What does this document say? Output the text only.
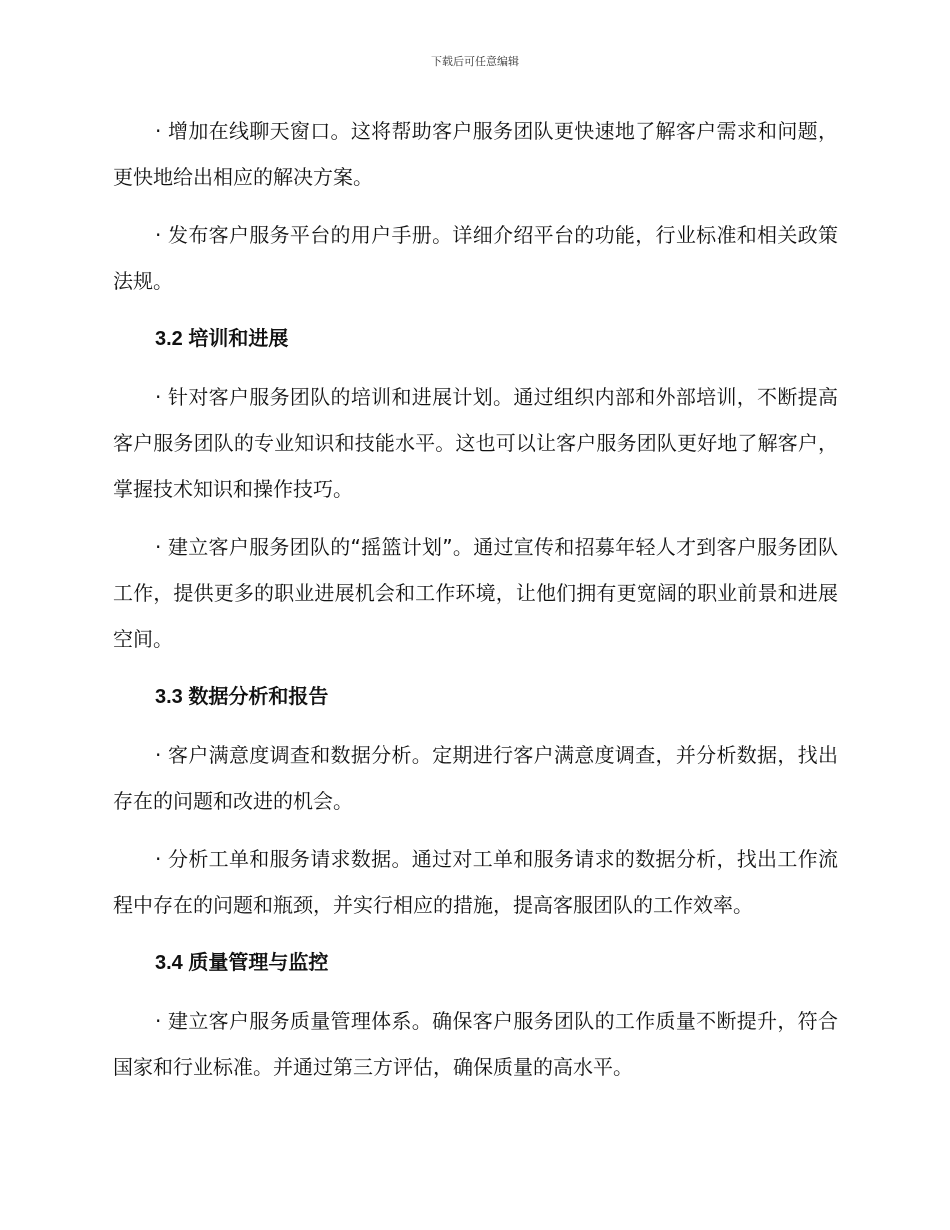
下载后可任意编辑

· 增加在线聊天窗口。这将帮助客户服务团队更快速地了解客户需求和问题，更快地给出相应的解决方案。

· 发布客户服务平台的用户手册。详细介绍平台的功能，行业标准和相关政策法规。

3.2 培训和进展

· 针对客户服务团队的培训和进展计划。通过组织内部和外部培训，不断提高客户服务团队的专业知识和技能水平。这也可以让客户服务团队更好地了解客户，掌握技术知识和操作技巧。

· 建立客户服务团队的“摇篮计划”。通过宣传和招募年轻人才到客户服务团队工作，提供更多的职业进展机会和工作环境，让他们拥有更宽阔的职业前景和进展空间。

3.3 数据分析和报告

· 客户满意度调查和数据分析。定期进行客户满意度调查，并分析数据，找出存在的问题和改进的机会。

· 分析工单和服务请求数据。通过对工单和服务请求的数据分析，找出工作流程中存在的问题和瓶颈，并实行相应的措施，提高客服团队的工作效率。

3.4 质量管理与监控

· 建立客户服务质量管理体系。确保客户服务团队的工作质量不断提升，符合国家和行业标准。并通过第三方评估，确保质量的高水平。
